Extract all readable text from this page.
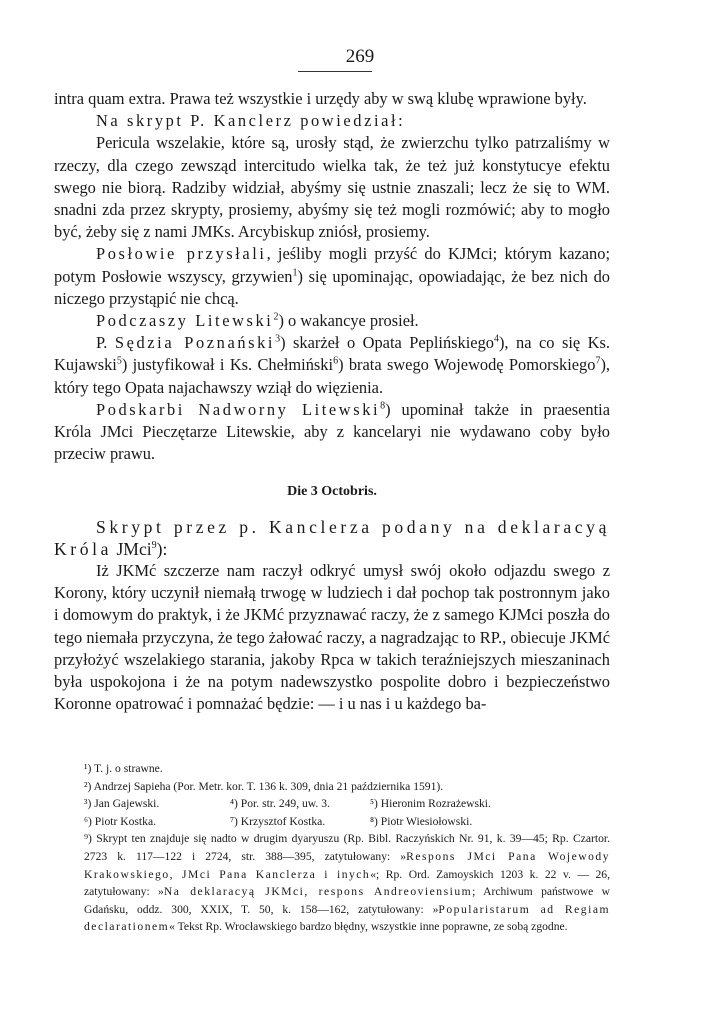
269

intra quam extra. Prawa też wszystkie i urzędy aby w swą klubę wprawione były.

Na skrypt P. Kanclerz powiedział:

Pericula wszelakie, które są, urosły stąd, że zwierzchu tylko patrzaliśmy w rzeczy, dla czego zewsząd intercitudo wielka tak, że też już konstytucye efektu swego nie biorą. Radziby widział, abyśmy się ustnie znaszali; lecz że się to WM. snadni zda przez skrypty, prosiemy, abyśmy się też mogli rozmówić; aby to mogło być, żeby się z nami JMKs. Arcybiskup zniósł, prosiemy.

Posłowie przysłali, jeśliby mogli przyść do KJMci; którym kazano; potym Posłowie wszyscy, grzywien$^1$) się upominając, opowiadając, że bez nich do niczego przystąpić nie chcą.

Podczaszy Litewski$^2$) o wakancye prosieł.

P. Sędzia Poznański$^3$) skarżeł o Opata Peplińskiego$^4$), na co się Ks. Kujawski$^5$) justyfikował i Ks. Chełmiński$^6$) brata swego Wojewodę Pomorskiego$^7$), który tego Opata najachawszy wziął do więzienia.

Podskarbi Nadworny Litewski$^8$) upominał także in praesentia Króla JMci Pieczętarze Litewskie, aby z kancelaryi nie wydawano coby było przeciw prawu.

Die 3 Octobris.

Skrypt przez p. Kanclerza podany na deklaracyą Króla JMci$^9$):

Iż JKMć szczerze nam raczył odkryć umysł swój około odjazdu swego z Korony, który uczynił niemałą trwogę w ludziech i dał pochop tak postronnym jako i domowym do praktyk, i że JKMć przyznawać raczy, że z samego KJMci poszła do tego niemała przyczyna, że tego żałować raczy, a nagradzając to RP., obiecuje JKMć przyłożyć wszelakiego starania, jakoby Rpca w takich teraźniejszych mieszaninach była uspokojona i że na potym nadewszystko pospolite dobro i bezpieczeństwo Koronne opatrować i pomnażać będzie: — i u nas i u każdego ba-

¹) T. j. o strawne.

²) Andrzej Sapieha (Por. Metr. kor. T. 136 k. 309, dnia 21 października 1591).

³) Jan Gajewski.	⁴) Por. str. 249, uw. 3.	⁵) Hieronim Rozrażewski.
⁶) Piotr Kostka.	⁷) Krzysztof Kostka.	⁸) Piotr Wiesiołowski.

⁹) Skrypt ten znajduje się nadto w drugim dyaryuszu (Rp. Bibl. Raczyńskich Nr. 91, k. 39—45; Rp. Czartor. 2723 k. 117—122 i 2724, str. 388—395, zatytułowany: »Respons JMci Pana Wojewody Krakowskiego, JMci Pana Kanclerza i inych«; Rp. Ord. Zamoyskich 1203 k. 22 v. — 26, zatytułowany: »Na deklaracyą JKMci, respons Andreoviensium; Archiwum państwowe w Gdańsku, oddz. 300, XXIX, T. 50, k. 158—162, zatytułowany: »Popularistarum ad Regiam declarationem« Tekst Rp. Wrocławskiego bardzo błędny, wszystkie inne poprawne, ze sobą zgodne.
